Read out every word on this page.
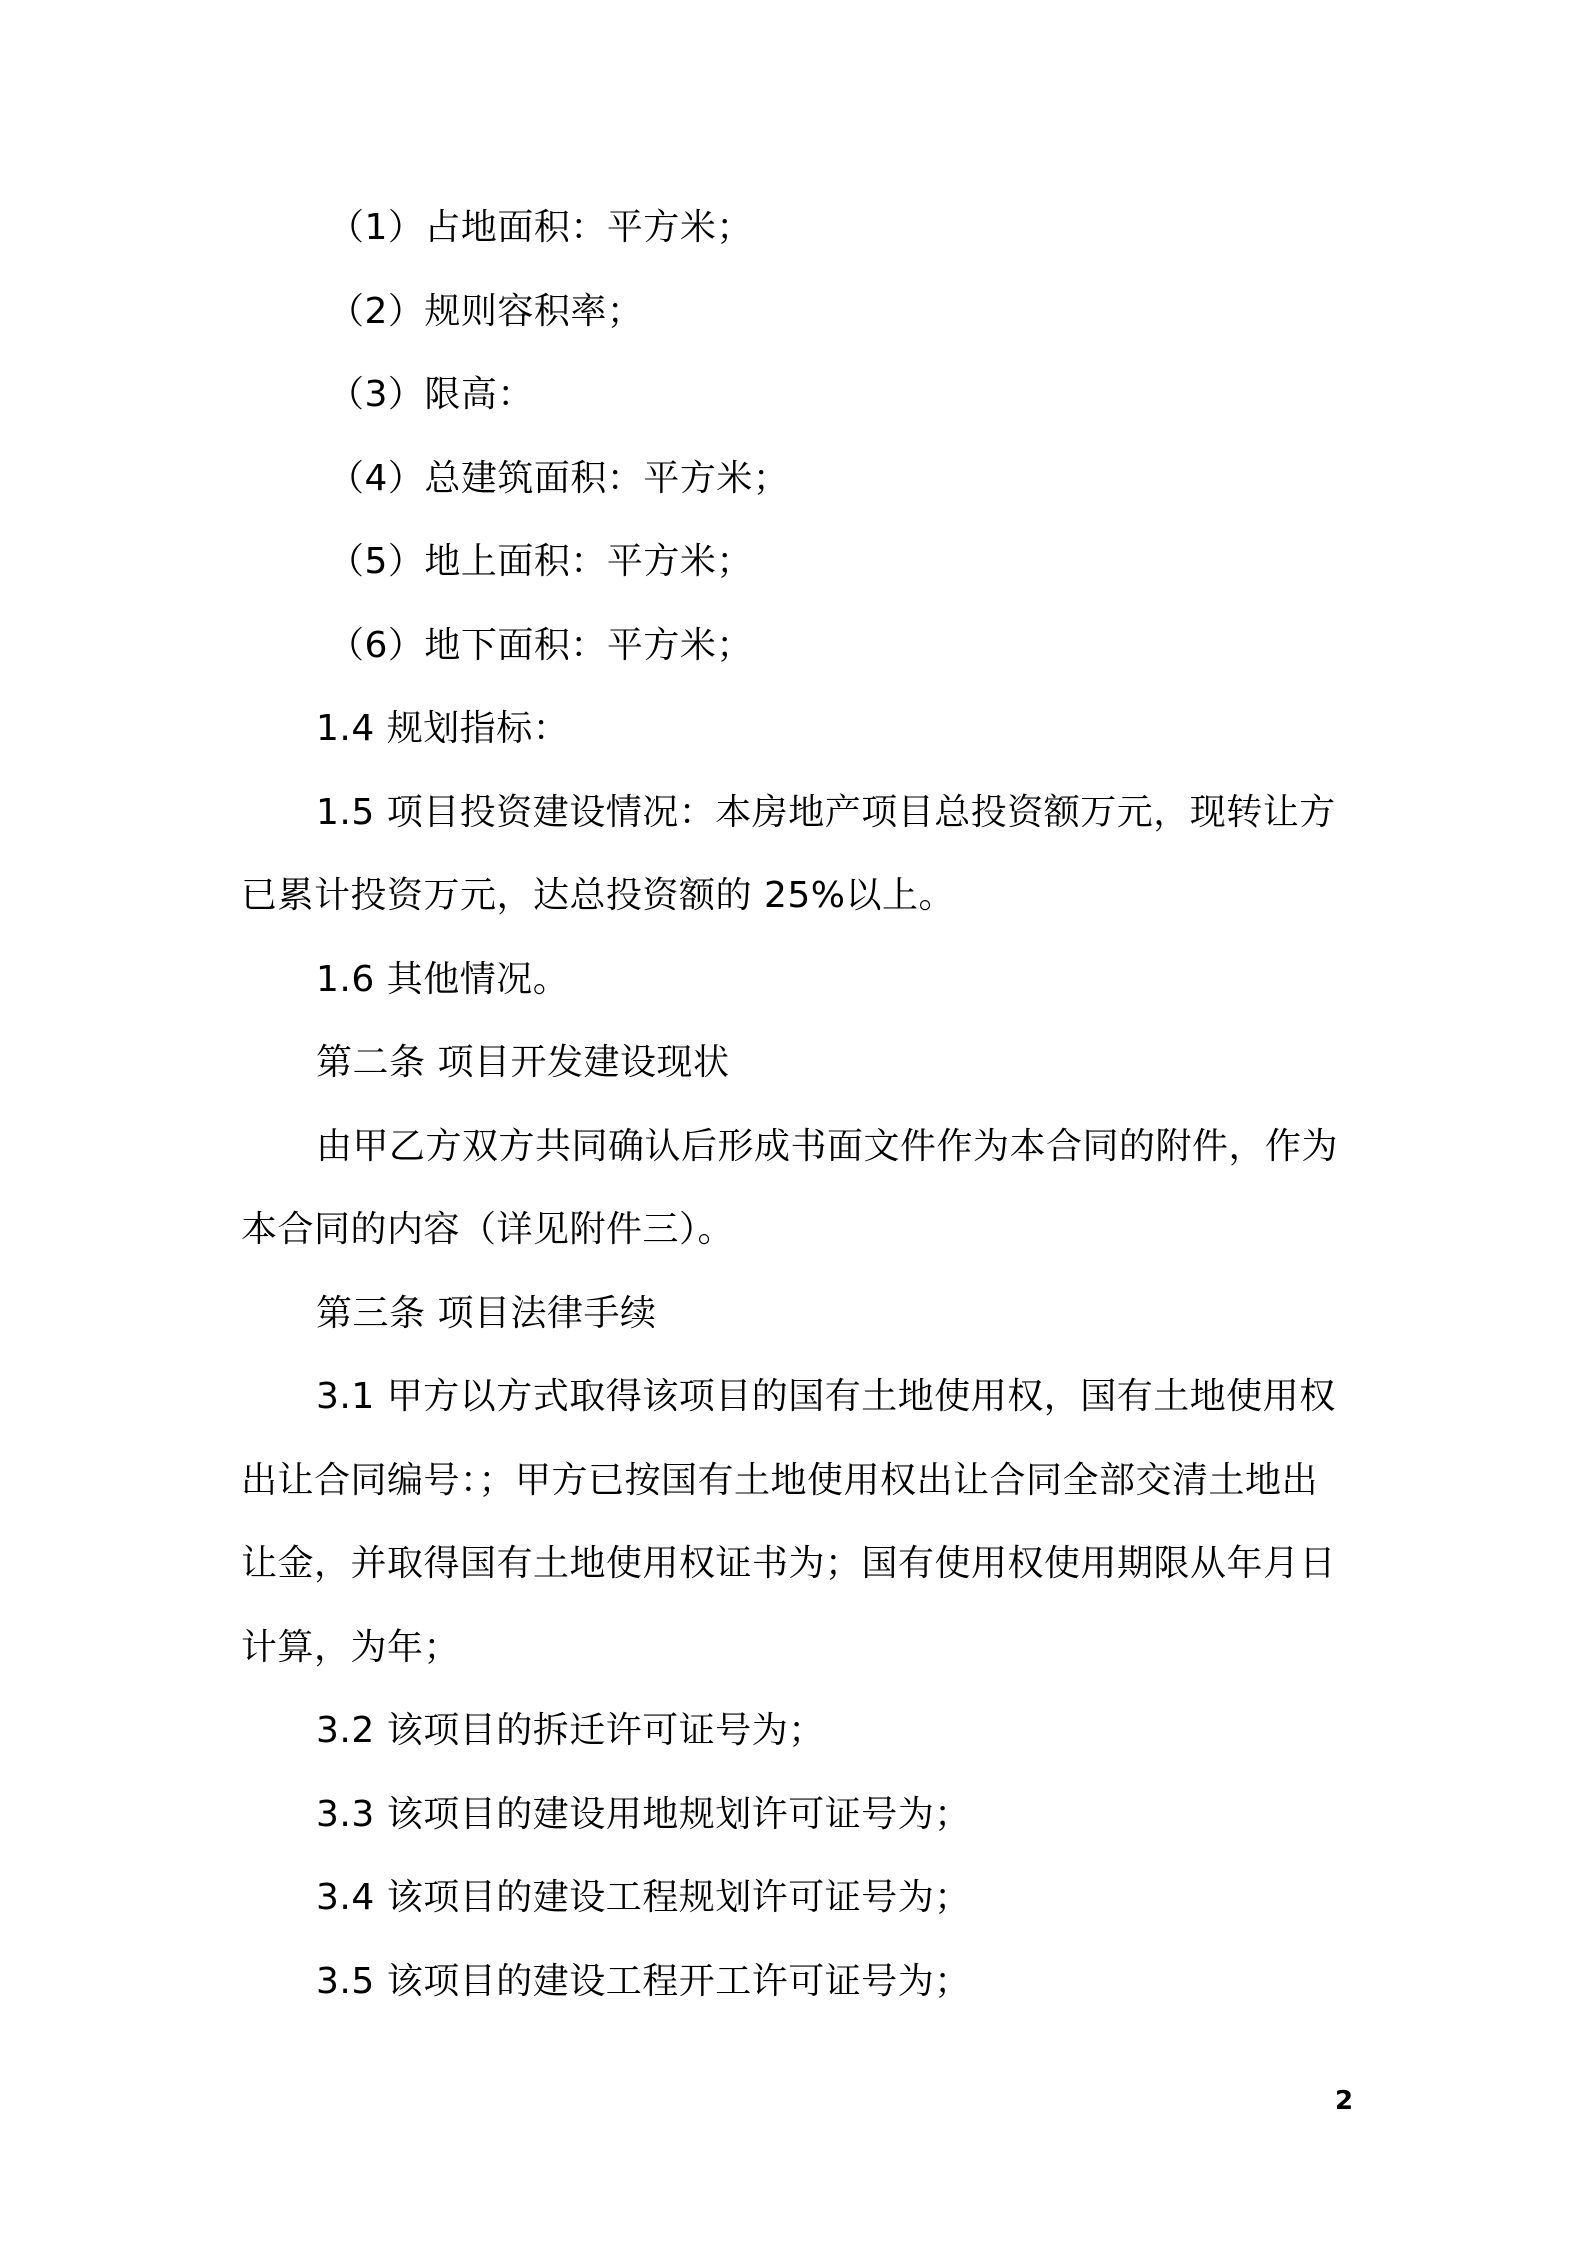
（1）占地面积：平方米；
（2）规则容积率；
（3）限高：
（4）总建筑面积：平方米；
（5）地上面积：平方米；
（6）地下面积：平方米；
1.4 规划指标：
1.5 项目投资建设情况：本房地产项目总投资额万元，现转让方
已累计投资万元，达总投资额的 25%以上。
1.6 其他情况。
第二条 项目开发建设现状
由甲乙方双方共同确认后形成书面文件作为本合同的附件，作为
本合同的内容（详见附件三）。
第三条 项目法律手续
3.1 甲方以方式取得该项目的国有土地使用权，国有土地使用权
出让合同编号：；甲方已按国有土地使用权出让合同全部交清土地出
让金，并取得国有土地使用权证书为；国有使用权使用期限从年月日
计算，为年；
3.2 该项目的拆迁许可证号为；
3.3 该项目的建设用地规划许可证号为；
3.4 该项目的建设工程规划许可证号为；
3.5 该项目的建设工程开工许可证号为；
2
